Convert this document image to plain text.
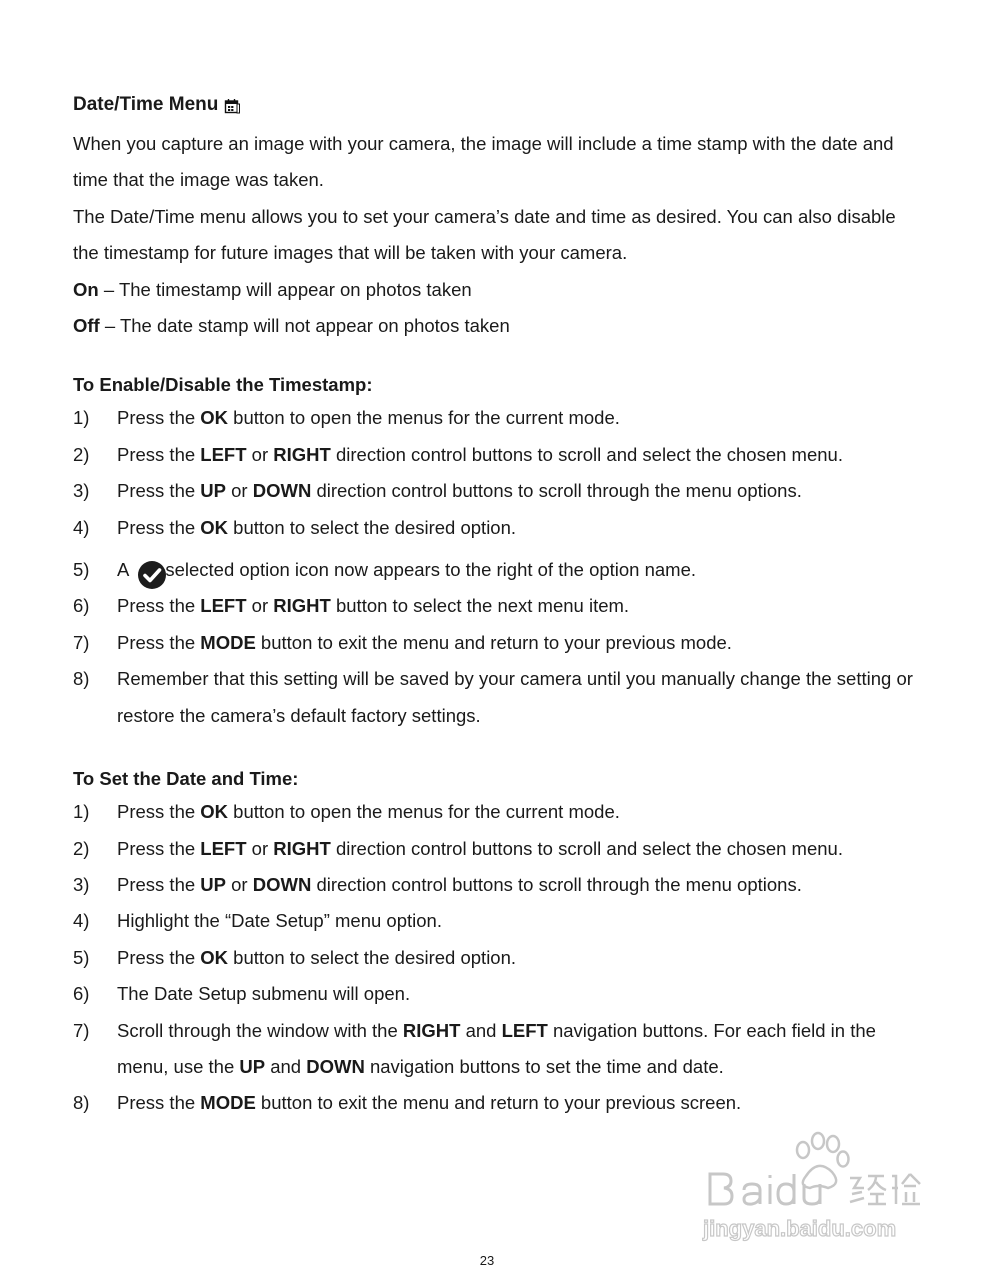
Date/Time Menu

When you capture an image with your camera, the image will include a time stamp with the date and time that the image was taken.

The Date/Time menu allows you to set your camera’s date and time as desired. You can also disable the timestamp for future images that will be taken with your camera.

On – The timestamp will appear on photos taken

Off – The date stamp will not appear on photos taken

To Enable/Disable the Timestamp:
1)	Press the OK button to open the menus for the current mode.
2)	Press the LEFT or RIGHT direction control buttons to scroll and select the chosen menu.
3)	Press the UP or DOWN direction control buttons to scroll through the menu options.
4)	Press the OK button to select the desired option.
5)	A selected option icon now appears to the right of the option name.
6)	Press the LEFT or RIGHT button to select the next menu item.
7)	Press the MODE button to exit the menu and return to your previous mode.
8)	Remember that this setting will be saved by your camera until you manually change the setting or restore the camera’s default factory settings.
To Set the Date and Time:
1)	Press the OK button to open the menus for the current mode.
2)	Press the LEFT or RIGHT direction control buttons to scroll and select the chosen menu.
3)	Press the UP or DOWN direction control buttons to scroll through the menu options.
4)	Highlight the “Date Setup” menu option.
5)	Press the OK button to select the desired option.
6)	The Date Setup submenu will open.
7)	Scroll through the window with the RIGHT and LEFT navigation buttons. For each field in the menu, use the UP and DOWN navigation buttons to set the time and date.
8)	Press the MODE button to exit the menu and return to your previous screen.
jingyan.baidu.com
23
